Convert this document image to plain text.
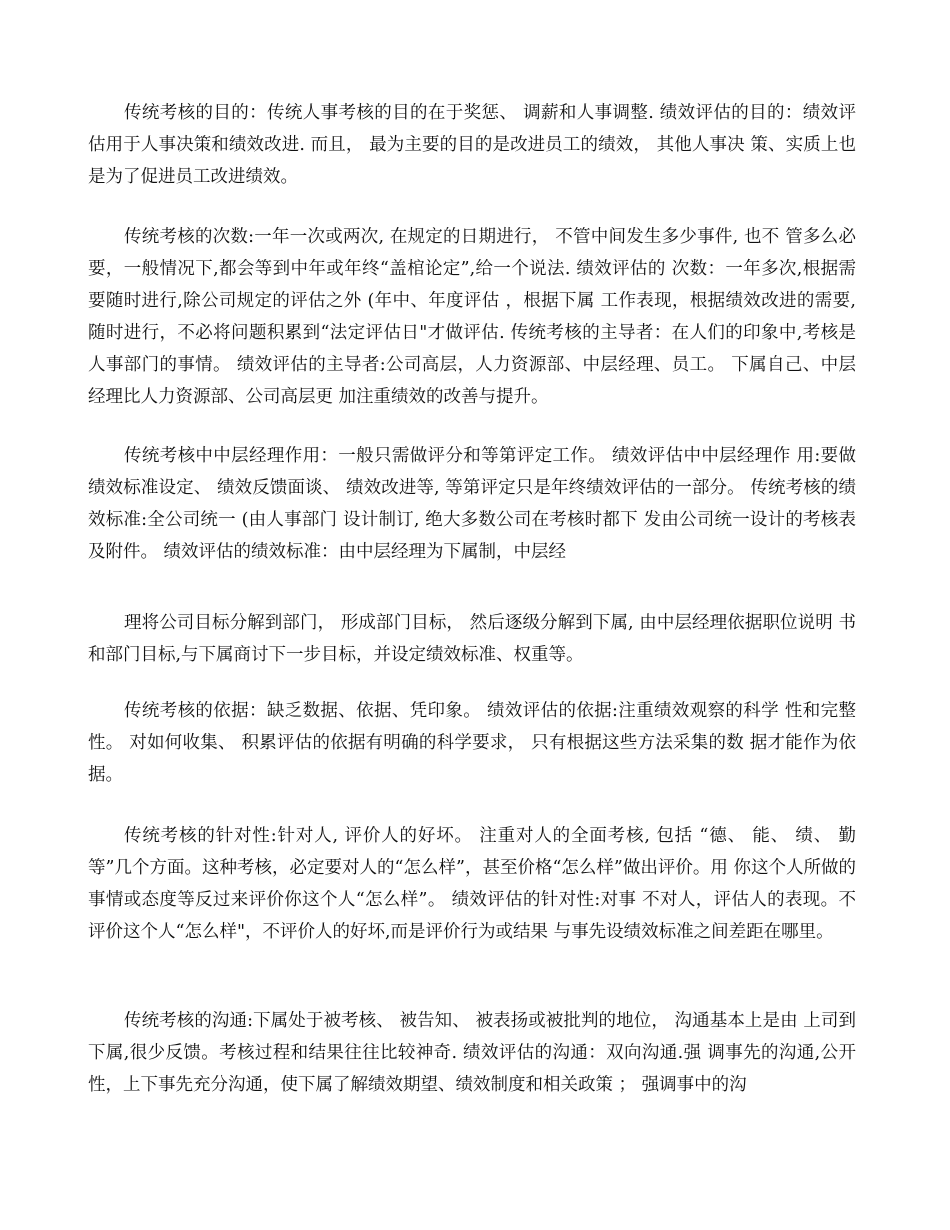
传统考核的目的：传统人事考核的目的在于奖惩、 调薪和人事调整. 绩效评估的目的：绩效评估用于人事决策和绩效改进. 而且， 最为主要的目的是改进员工的绩效， 其他人事决 策、实质上也是为了促进员工改进绩效。

传统考核的次数:一年一次或两次, 在规定的日期进行， 不管中间发生多少事件, 也不 管多么必要，一般情况下,都会等到中年或年终“盖棺论定”,给一个说法. 绩效评估的 次数：一年多次,根据需要随时进行,除公司规定的评估之外 (年中、年度评估 ，根据下属 工作表现，根据绩效改进的需要,随时进行，不必将问题积累到“法定评估日"才做评估. 传统考核的主导者：在人们的印象中,考核是人事部门的事情。 绩效评估的主导者:公司高层，人力资源部、中层经理、员工。 下属自己、中层经理比人力资源部、公司高层更 加注重绩效的改善与提升。

传统考核中中层经理作用：一般只需做评分和等第评定工作。 绩效评估中中层经理作 用:要做绩效标准设定、 绩效反馈面谈、 绩效改进等, 等第评定只是年终绩效评估的一部分。 传统考核的绩效标准:全公司统一 (由人事部门 设计制订, 绝大多数公司在考核时都下 发由公司统一设计的考核表及附件。 绩效评估的绩效标准：由中层经理为下属制，中层经

理将公司目标分解到部门， 形成部门目标， 然后逐级分解到下属, 由中层经理依据职位说明 书和部门目标,与下属商讨下一步目标，并设定绩效标准、权重等。

传统考核的依据：缺乏数据、依据、凭印象。 绩效评估的依据:注重绩效观察的科学 性和完整性。 对如何收集、 积累评估的依据有明确的科学要求， 只有根据这些方法采集的数 据才能作为依据。

传统考核的针对性:针对人, 评价人的好坏。 注重对人的全面考核, 包括 “德、 能、 绩、 勤等”几个方面。这种考核，必定要对人的“怎么样”，甚至价格“怎么样”做出评价。用 你这个人所做的事情或态度等反过来评价你这个人“怎么样”。 绩效评估的针对性:对事 不对人，评估人的表现。不评价这个人“怎么样"，不评价人的好坏,而是评价行为或结果 与事先设绩效标准之间差距在哪里。

传统考核的沟通:下属处于被考核、 被告知、 被表扬或被批判的地位， 沟通基本上是由 上司到下属,很少反馈。考核过程和结果往往比较神奇. 绩效评估的沟通：双向沟通.强 调事先的沟通,公开性，上下事先充分沟通，使下属了解绩效期望、绩效制度和相关政策 ； 强调事中的沟
